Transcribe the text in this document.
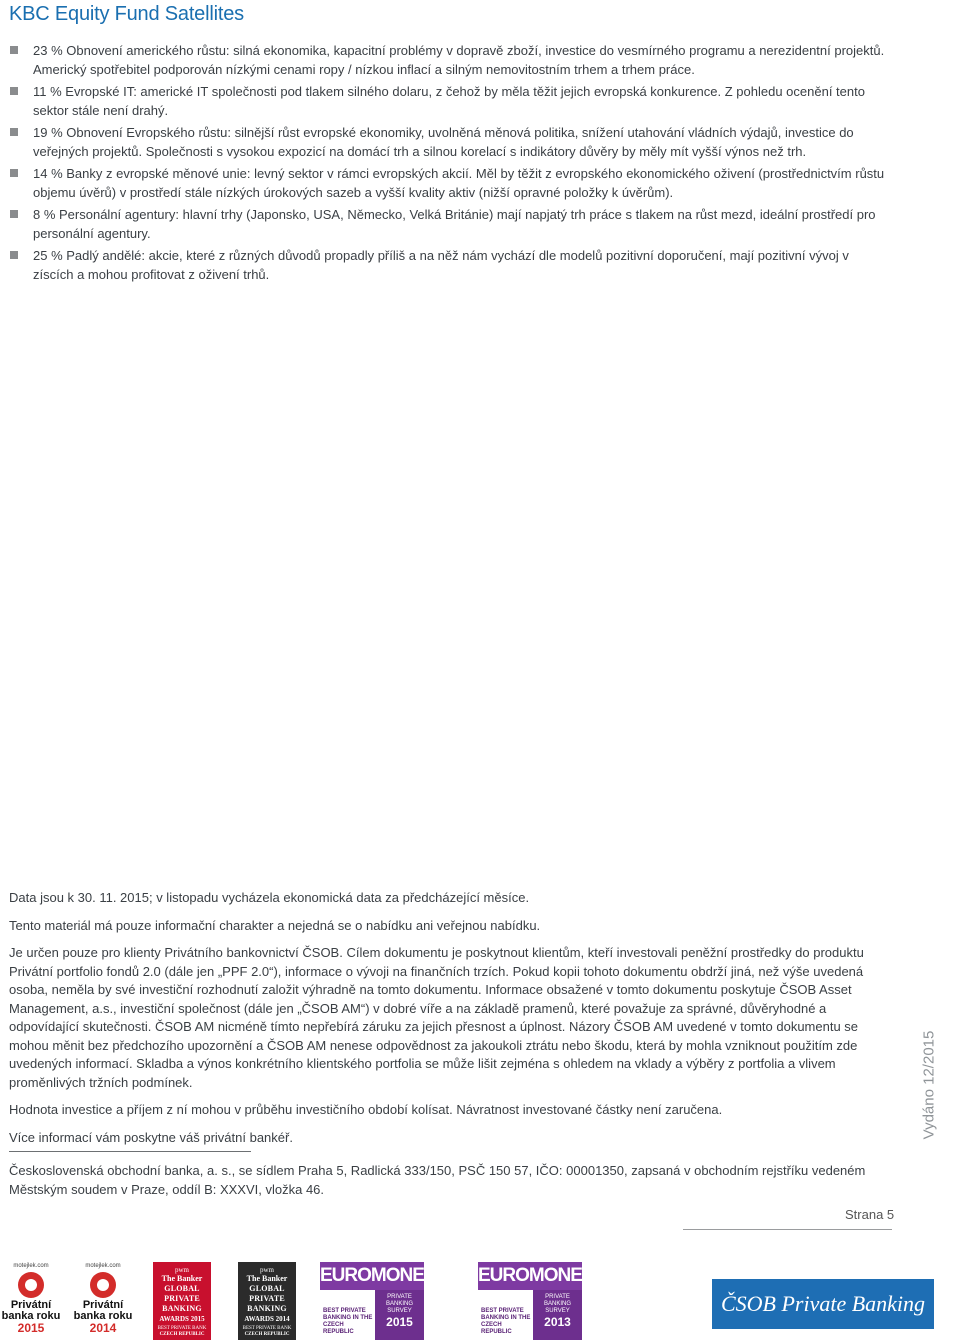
KBC Equity Fund Satellites
23 % Obnovení amerického růstu: silná ekonomika, kapacitní problémy v dopravě zboží, investice do vesmírného programu a nerezidentní projektů. Americký spotřebitel podporován nízkými cenami ropy / nízkou inflací a silným nemovitostním trhem a trhem práce.
11 % Evropské IT: americké IT společnosti pod tlakem silného dolaru, z čehož by měla těžit jejich evropská konkurence. Z pohledu ocenění tento sektor stále není drahý.
19 % Obnovení Evropského růstu: silnější růst evropské ekonomiky, uvolněná měnová politika, snížení utahování vládních výdajů, investice do veřejných projektů. Společnosti s vysokou expozicí na domácí trh a silnou korelací s indikátory důvěry by měly mít vyšší výnos než trh.
14 % Banky z evropské měnové unie: levný sektor v rámci evropských akcií. Měl by těžit z evropského ekonomického oživení (prostřednictvím růstu objemu úvěrů) v prostředí stále nízkých úrokových sazeb a vyšší kvality aktiv (nižší opravné položky k úvěrům).
8 % Personální agentury: hlavní trhy (Japonsko, USA, Německo, Velká Británie) mají napjatý trh práce s tlakem na růst mezd, ideální prostředí pro personální agentury.
25 % Padlý andělé: akcie, které z různých důvodů propadly příliš a na něž nám vychází dle modelů pozitivní doporučení, mají pozitivní vývoj v zíscích a mohou profitovat z oživení trhů.

Data jsou k 30. 11. 2015; v listopadu vycházela ekonomická data za předcházející měsíce.

Tento materiál má pouze informační charakter a nejedná se o nabídku ani veřejnou nabídku.

Je určen pouze pro klienty Privátního bankovnictví ČSOB. Cílem dokumentu je poskytnout klientům, kteří investovali peněžní prostředky do produktu Privátní portfolio fondů 2.0 (dále jen „PPF 2.0“), informace o vývoji na finančních trzích. Pokud kopii tohoto dokumentu obdrží jiná, než výše uvedená osoba, neměla by své investiční rozhodnutí založit výhradně na tomto dokumentu. Informace obsažené v tomto dokumentu poskytuje ČSOB Asset Management, a.s., investiční společnost (dále jen „ČSOB AM“) v dobré víře a na základě pramenů, které považuje za správné, důvěryhodné a odpovídající skutečnosti. ČSOB AM nicméně tímto nepřebírá záruku za jejich přesnost a úplnost. Názory ČSOB AM uvedené v tomto dokumentu se mohou měnit bez předchozího upozornění a ČSOB AM nenese odpovědnost za jakoukoli ztrátu nebo škodu, která by mohla vzniknout použitím zde uvedených informací. Skladba a výnos konkrétního klientského portfolia se může lišit zejména s ohledem na vklady a výběry z portfolia a vlivem proměnlivých tržních podmínek.

Hodnota investice a příjem z ní mohou v průběhu investičního období kolísat. Návratnost investované částky není zaručena.

Více informací vám poskytne váš privátní bankéř.

Československá obchodní banka, a. s., se sídlem Praha 5, Radlická 333/150, PSČ 150 57, IČO: 00001350, zapsaná v obchodním rejstříku vedeném Městským soudem v Praze, oddíl B: XXXVI, vložka 46.
Strana 5
Vydáno 12/2015
motejlek.com
Privátní
banka roku
2015
motejlek.com
Privátní
banka roku
2014
pwm
The Banker
GLOBAL
PRIVATE
BANKING
AWARDS 2015
BEST PRIVATE BANK
CZECH REPUBLIC
pwm
The Banker
GLOBAL
PRIVATE
BANKING
AWARDS 2014
BEST PRIVATE BANK
CZECH REPUBLIC
EUROMONEY
BEST PRIVATE BANKING IN THE CZECH REPUBLIC
PRIVATE BANKING
SURVEY
2015
EUROMONEY
BEST PRIVATE BANKING IN THE CZECH REPUBLIC
PRIVATE BANKING
SURVEY
2013
ČSOB Private Banking
